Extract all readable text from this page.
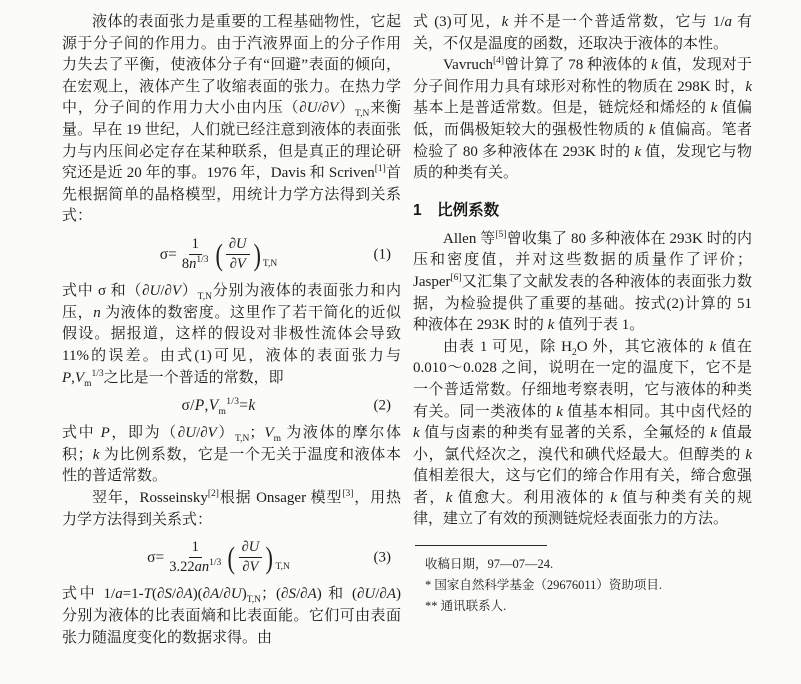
液体的表面张力是重要的工程基础物性，它起源于分子间的作用力。由于汽液界面上的分子作用力失去了平衡，使液体分子有“回避”表面的倾向，在宏观上，液体产生了收缩表面的张力。在热力学中，分子间的作用力大小由内压$(\partial U/\partial V)_{T,N}$来衡量。早在 19 世纪，人们就已经注意到液体的表面张力与内压间必定存在某种联系，但是真正的理论研究还是近 20 年的事。1976 年，Davis 和 Scriven[1]首先根据简单的晶格模型，用统计力学方法得到关系式：

$\sigma= \frac{1}{8n^{1/3}}$ ( $\frac{\partial U}{\partial V}$ ) T,N
(1)

式中 σ 和$(\partial U/\partial V)_{T,N}$分别为液体的表面张力和内压，n 为液体的数密度。这里作了若干简化的近似假设。据报道，这样的假设对非极性流体会导致 11%的误差。由式(1)可见，液体的表面张力与 $P,V_m^{1/3}$之比是一个普适的常数，即

$\sigma/P,V_m^{1/3}=k$	(2)

式中 P，即为$(\partial U/\partial V)_{T,N}$；$V_m$ 为液体的摩尔体积；k 为比例系数，它是一个无关于温度和液体本性的普适常数。

翌年，Rosseinsky[2]根据 Onsager 模型[3]，用热力学方法得到关系式：

$\sigma= \frac{1}{3.22an^{1/3}}$ ( $\frac{\partial U}{\partial V}$ ) T,N
(3)

式中 $1/a=1-T(\partial S/\partial A)(\partial A/\partial U)_{T,N}$；(∂S/∂A) 和 (∂U/∂A) 分别为液体的比表面熵和比表面能。它们可由表面张力随温度变化的数据求得。由

式 (3)可见，k 并不是一个普适常数，它与 1/a 有关，不仅是温度的函数，还取决于液体的本性。

Vavruch[4]曾计算了 78 种液体的 k 值，发现对于分子间作用力具有球形对称性的物质在 298K 时，k 基本上是普适常数。但是，链烷烃和烯烃的 k 值偏低，而偶极矩较大的强极性物质的 k 值偏高。笔者检验了 80 多种液体在 293K 时的 k 值，发现它与物质的种类有关。

1　比例系数

Allen 等[5]曾收集了 80 多种液体在 293K 时的内压和密度值，并对这些数据的质量作了评价；Jasper[6]又汇集了文献发表的各种液体的表面张力数据，为检验提供了重要的基础。按式(2)计算的 51 种液体在 293K 时的 k 值列于表 1。

由表 1 可见，除 $H_2O$ 外，其它液体的 k 值在 0.010～0.028 之间，说明在一定的温度下，它不是一个普适常数。仔细地考察表明，它与液体的种类有关。同一类液体的 k 值基本相同。其中卤代烃的 k 值与卤素的种类有显著的关系，全氟烃的 k 值最小，氯代烃次之，溴代和碘代烃最大。但醇类的 k 值相差很大，这与它们的缔合作用有关，缔合愈强者，k 值愈大。利用液体的 k 值与种类有关的规律，建立了有效的预测链烷烃表面张力的方法。

收稿日期，97—07—24.

* 国家自然科学基金（29676011）资助项目.

** 通讯联系人.
